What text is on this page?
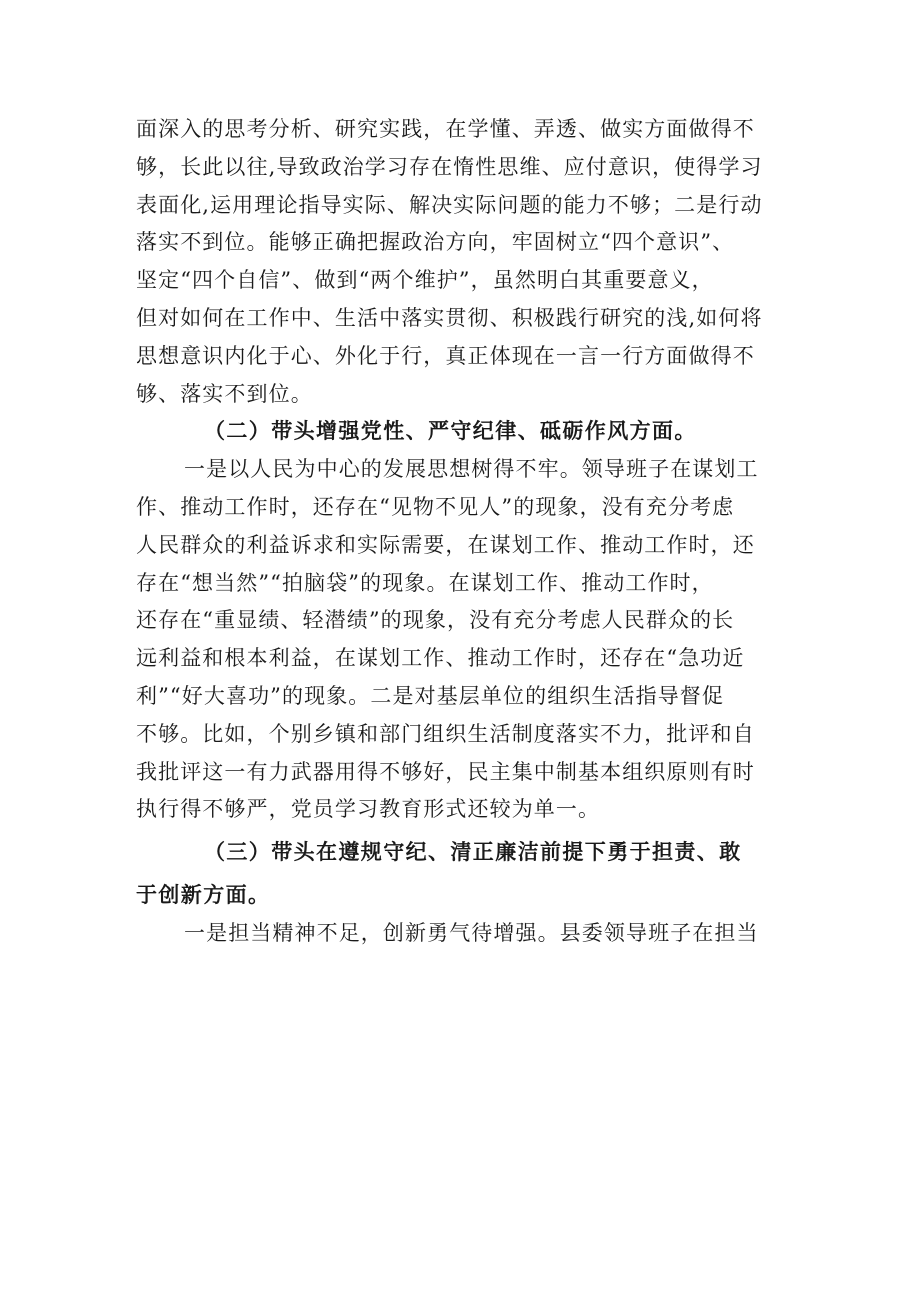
面深入的思考分析、研究实践，在学懂、弄透、做实方面做得不
够，长此以往,导致政治学习存在惰性思维、应付意识，使得学习
表面化,运用理论指导实际、解决实际问题的能力不够；二是行动
落实不到位。能够正确把握政治方向，牢固树立“四个意识”、
坚定“四个自信”、做到“两个维护”，虽然明白其重要意义，
但对如何在工作中、生活中落实贯彻、积极践行研究的浅,如何将
思想意识内化于心、外化于行，真正体现在一言一行方面做得不
够、落实不到位。
（二）带头增强党性、严守纪律、砥砺作风方面。
一是以人民为中心的发展思想树得不牢。领导班子在谋划工
作、推动工作时，还存在“见物不见人”的现象，没有充分考虑
人民群众的利益诉求和实际需要，在谋划工作、推动工作时，还
存在“想当然”“拍脑袋”的现象。在谋划工作、推动工作时，
还存在“重显绩、轻潜绩”的现象，没有充分考虑人民群众的长
远利益和根本利益，在谋划工作、推动工作时，还存在“急功近
利”“好大喜功”的现象。二是对基层单位的组织生活指导督促
不够。比如，个别乡镇和部门组织生活制度落实不力，批评和自
我批评这一有力武器用得不够好，民主集中制基本组织原则有时
执行得不够严，党员学习教育形式还较为单一。
（三）带头在遵规守纪、清正廉洁前提下勇于担责、敢
于创新方面。
一是担当精神不足，创新勇气待增强。县委领导班子在担当
